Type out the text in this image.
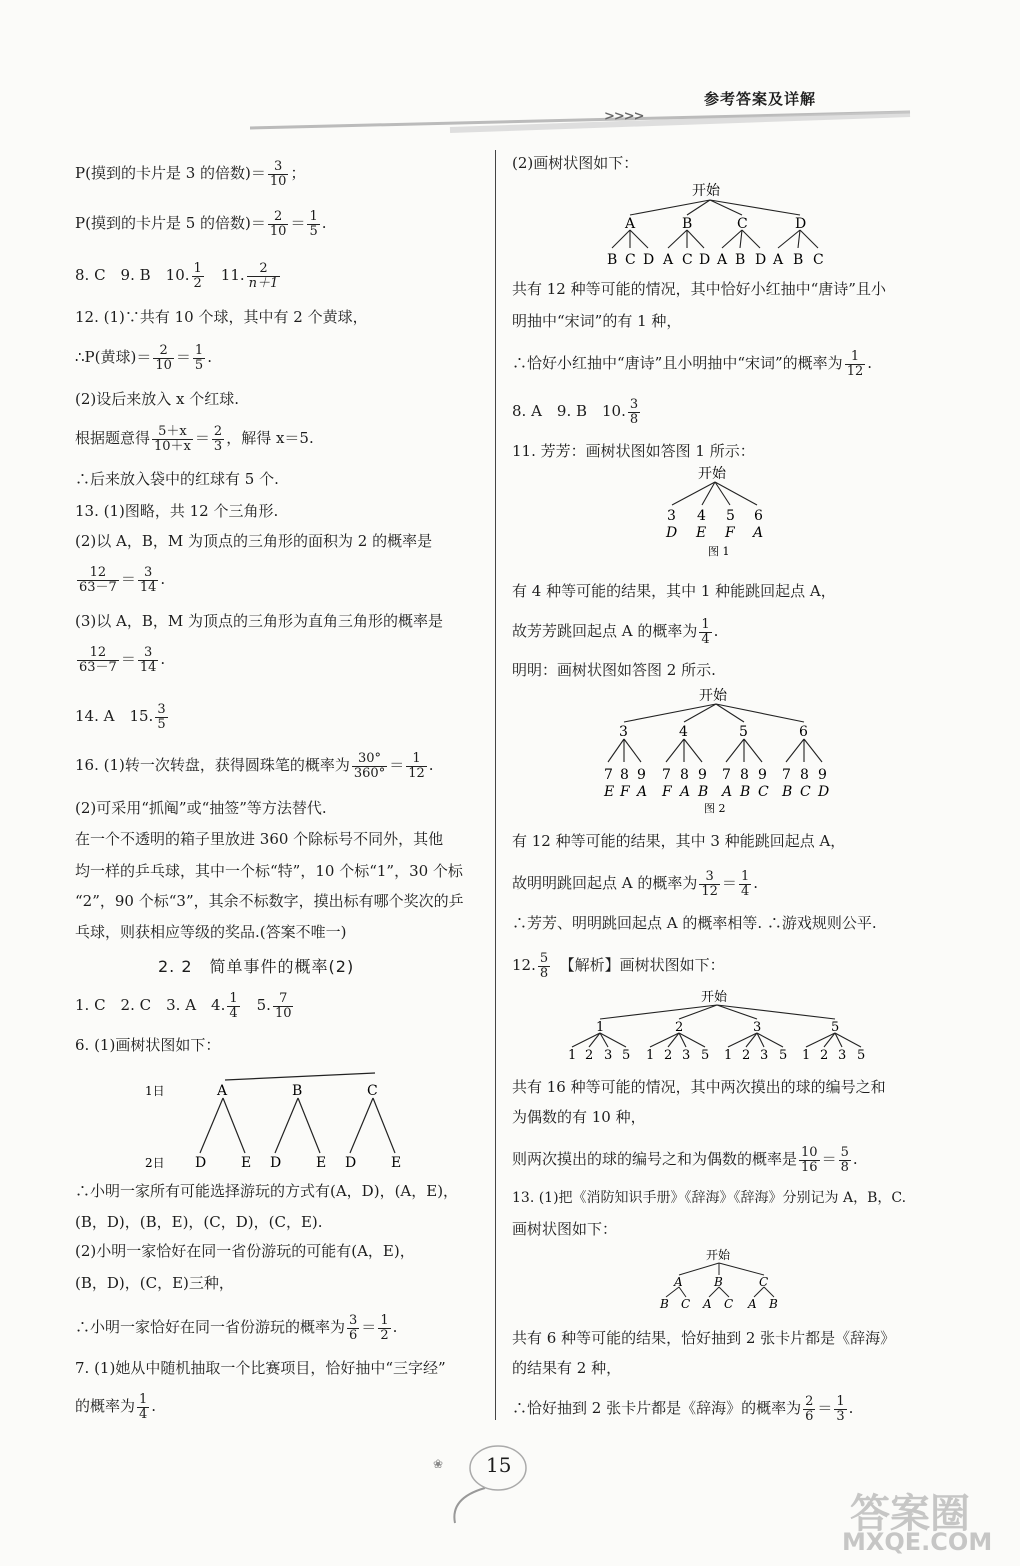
参考答案及详解
>>>>
P(摸到的卡片是 3 的倍数)＝ $\frac{3}{10}$ ；
P(摸到的卡片是 5 的倍数)＝ $\frac{2}{10} = \frac{1}{5}$ .
8. C　9. B　10. $\frac{1}{2}$ 　11. $\frac{2}{n+1}$
12. (1)∵共有 10 个球，其中有 2 个黄球，
∴P(黄球)＝ $\frac{2}{10} = \frac{1}{5}$ .
(2)设后来放入 x 个红球.
根据题意得 $\frac{5+x}{10+x} = \frac{2}{3}$ ，解得 x＝5.
∴后来放入袋中的红球有 5 个.
13. (1)图略，共 12 个三角形.
(2)以 A，B，M 为顶点的三角形的面积为 2 的概率是
$\frac{12}{63-7} = \frac{3}{14}$ .
(3)以 A，B，M 为顶点的三角形为直角三角形的概率是
$\frac{12}{63-7} = \frac{3}{14}$ .
14. A　15. $\frac{3}{5}$
16. (1)转一次转盘，获得圆珠笔的概率为 $\frac{30^\circ}{360^\circ} = \frac{1}{12}$ .
(2)可采用“抓阄”或“抽签”等方法替代.
在一个不透明的箱子里放进 360 个除标号不同外，其他
均一样的乒乓球，其中一个标“特”，10 个标“1”，30 个标
“2”，90 个标“3”，其余不标数字，摸出标有哪个奖次的乒
乓球，则获相应等级的奖品.(答案不唯一)
2. 2　简单事件的概率(2)
1. C　2. C　3. A　4. $\frac{1}{4}$ 　5. $\frac{7}{10}$
6. (1)画树状图如下：
1日
2日
A	B	C
D E D E D E
∴小明一家所有可能选择游玩的方式有(A，D)，(A，E)，
(B，D)，(B，E)，(C，D)，(C，E).
(2)小明一家恰好在同一省份游玩的可能有(A，E)，
(B，D)，(C，E)三种，
∴小明一家恰好在同一省份游玩的概率为 $\frac{3}{6} = \frac{1}{2}$ .
7. (1)她从中随机抽取一个比赛项目，恰好抽中“三字经”
的概率为 $\frac{1}{4}$ .
(2)画树状图如下：
开始
A	B	C	D
B C D A C D A B D A B C
共有 12 种等可能的情况，其中恰好小红抽中“唐诗”且小
明抽中“宋词”的有 1 种，
∴恰好小红抽中“唐诗”且小明抽中“宋词”的概率为 $\frac{1}{12}$ .
8. A　9. B　10. $\frac{3}{8}$
11. 芳芳：画树状图如答图 1 所示：
开始
3 4 5 6
D E F A
图 1
有 4 种等可能的结果，其中 1 种能跳回起点 A，
故芳芳跳回起点 A 的概率为 $\frac{1}{4}$ .
明明：画树状图如答图 2 所示.
开始
3	4	5	6
7 8 9 7 8 9 7 8 9 7 8 9
E F A F A B A B C B C D
图 2
有 12 种等可能的结果，其中 3 种能跳回起点 A，
故明明跳回起点 A 的概率为 $\frac{3}{12} = \frac{1}{4}$ .
∴芳芳、明明跳回起点 A 的概率相等. ∴游戏规则公平.
12. $\frac{5}{8}$
　 【解析】画树状图如下：
开始
1	2	3	5
1 2 3 5 1 2 3 5 1 2 3 5 1 2 3 5
共有 16 种等可能的情况，其中两次摸出的球的编号之和
为偶数的有 10 种，
则两次摸出的球的编号之和为偶数的概率是 $\frac{10}{16} = \frac{5}{8}$ .
13. (1)把《消防知识手册》《辞海》《辞海》分别记为 A，B，C.
画树状图如下：
开始
A	B	C
B C A C A B
共有 6 种等可能的结果，恰好抽到 2 张卡片都是《辞海》
的结果有 2 种，
∴恰好抽到 2 张卡片都是《辞海》的概率为 $\frac{2}{6} = \frac{1}{3}$ .
❀ 15
答案圈
MXQE.COM
